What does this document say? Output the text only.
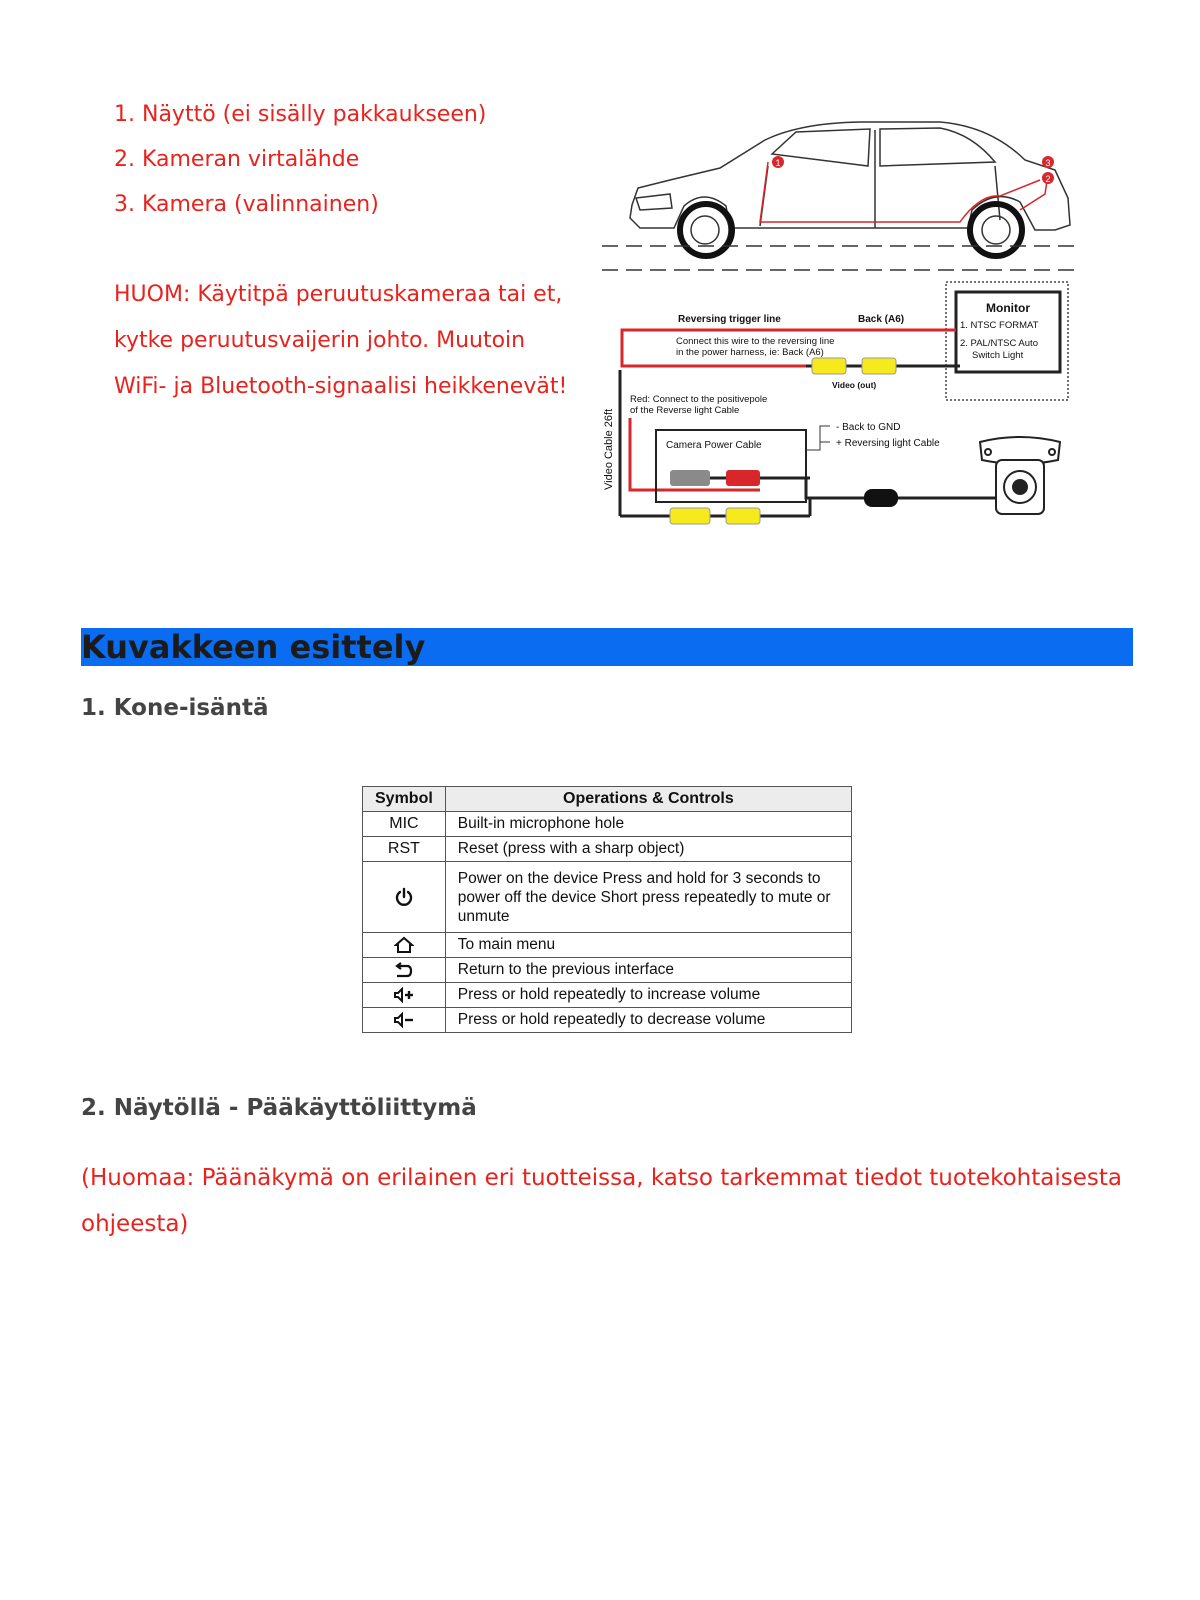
1. Näyttö (ei sisälly pakkaukseen)

2. Kameran virtalähde

3. Kamera (valinnainen)

HUOM: Käytitpä peruutuskameraa tai et,

kytke peruutusvaijerin johto. Muutoin

WiFi- ja Bluetooth-signaalisi heikkenevät!

1	3
2
Monitor
1. NTSC FORMAT
2. PAL/NTSC Auto
Switch Light
Reversing trigger line	Back (A6)
Connect this wire to the reversing line
in the power harness, ie: Back (A6)
Video (out)
Red: Connect to the positivepole
of the Reverse light Cable
Video Cable 26ft	Camera Power Cable
- Back to GND
+ Reversing light Cable
Kuvakkeen esittely

1. Kone-isäntä

Symbol	Operations & Controls
MIC	Built-in microphone hole
RST	Reset (press with a sharp object)

	Power on the device Press and hold for 3 seconds to power off the device Short press repeatedly to mute or unmute

	To main menu

	Return to the previous interface

	Press or hold repeatedly to increase volume

	Press or hold repeatedly to decrease volume

2. Näytöllä - Pääkäyttöliittymä

(Huomaa: Päänäkymä on erilainen eri tuotteissa, katso tarkemmat tiedot tuotekohtaisesta ohjeesta)
